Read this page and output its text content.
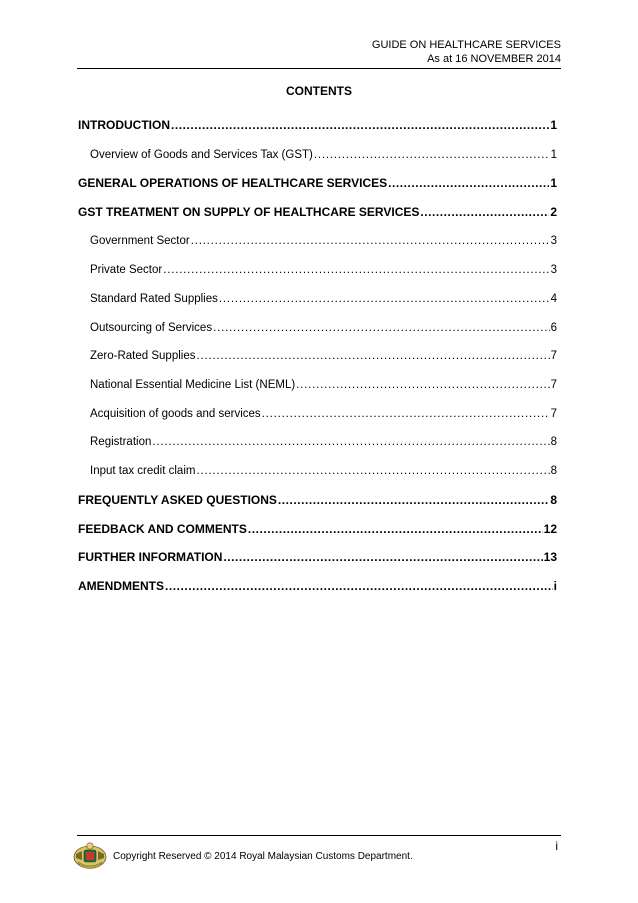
GUIDE ON HEALTHCARE SERVICES
As at 16 NOVEMBER 2014
CONTENTS
INTRODUCTION . . .	1
Overview of Goods and Services Tax (GST) . . .	1
GENERAL OPERATIONS OF HEALTHCARE SERVICES . . .	1
GST TREATMENT ON SUPPLY OF HEALTHCARE SERVICES . . .	2
Government Sector . . .	3
Private Sector . . .	3
Standard Rated Supplies . . .	4
Outsourcing of Services . . .	6
Zero-Rated Supplies . . .	7
National Essential Medicine List (NEML) . . .	7
Acquisition of goods and services . . .	7
Registration . . .	8
Input tax credit claim . . .	8
FREQUENTLY ASKED QUESTIONS . . .	8
FEEDBACK AND COMMENTS . . .	12
FURTHER INFORMATION . . .	13
AMENDMENTS . . .	i
i
Copyright Reserved © 2014 Royal Malaysian Customs Department.
